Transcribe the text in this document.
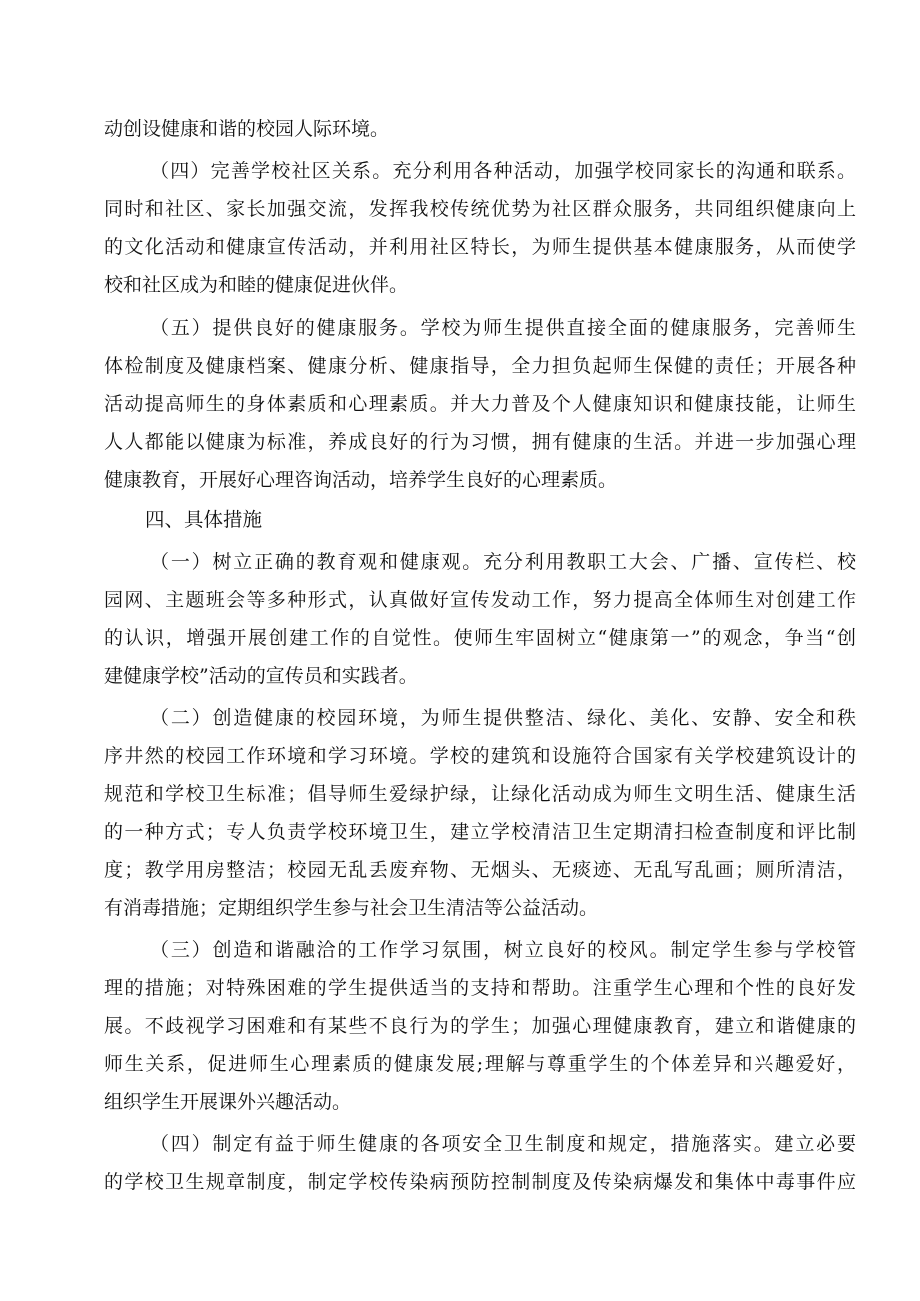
动创设健康和谐的校园人际环境。
（四）完善学校社区关系。充分利用各种活动，加强学校同家长的沟通和联系。
同时和社区、家长加强交流，发挥我校传统优势为社区群众服务，共同组织健康向上
的文化活动和健康宣传活动，并利用社区特长，为师生提供基本健康服务，从而使学
校和社区成为和睦的健康促进伙伴。
（五）提供良好的健康服务。学校为师生提供直接全面的健康服务，完善师生
体检制度及健康档案、健康分析、健康指导，全力担负起师生保健的责任；开展各种
活动提高师生的身体素质和心理素质。并大力普及个人健康知识和健康技能，让师生
人人都能以健康为标准，养成良好的行为习惯，拥有健康的生活。并进一步加强心理
健康教育，开展好心理咨询活动，培养学生良好的心理素质。
四、具体措施
（一）树立正确的教育观和健康观。充分利用教职工大会、广播、宣传栏、校
园网、主题班会等多种形式，认真做好宣传发动工作，努力提高全体师生对创建工作
的认识，增强开展创建工作的自觉性。使师生牢固树立“健康第一”的观念，争当“创
建健康学校”活动的宣传员和实践者。
（二）创造健康的校园环境，为师生提供整洁、绿化、美化、安静、安全和秩
序井然的校园工作环境和学习环境。学校的建筑和设施符合国家有关学校建筑设计的
规范和学校卫生标准；倡导师生爱绿护绿，让绿化活动成为师生文明生活、健康生活
的一种方式；专人负责学校环境卫生，建立学校清洁卫生定期清扫检查制度和评比制
度；教学用房整洁；校园无乱丢废弃物、无烟头、无痰迹、无乱写乱画；厕所清洁，
有消毒措施；定期组织学生参与社会卫生清洁等公益活动。
（三）创造和谐融洽的工作学习氛围，树立良好的校风。制定学生参与学校管
理的措施；对特殊困难的学生提供适当的支持和帮助。注重学生心理和个性的良好发
展。不歧视学习困难和有某些不良行为的学生；加强心理健康教育，建立和谐健康的
师生关系，促进师生心理素质的健康发展;理解与尊重学生的个体差异和兴趣爱好，
组织学生开展课外兴趣活动。
（四）制定有益于师生健康的各项安全卫生制度和规定，措施落实。建立必要
的学校卫生规章制度，制定学校传染病预防控制制度及传染病爆发和集体中毒事件应
